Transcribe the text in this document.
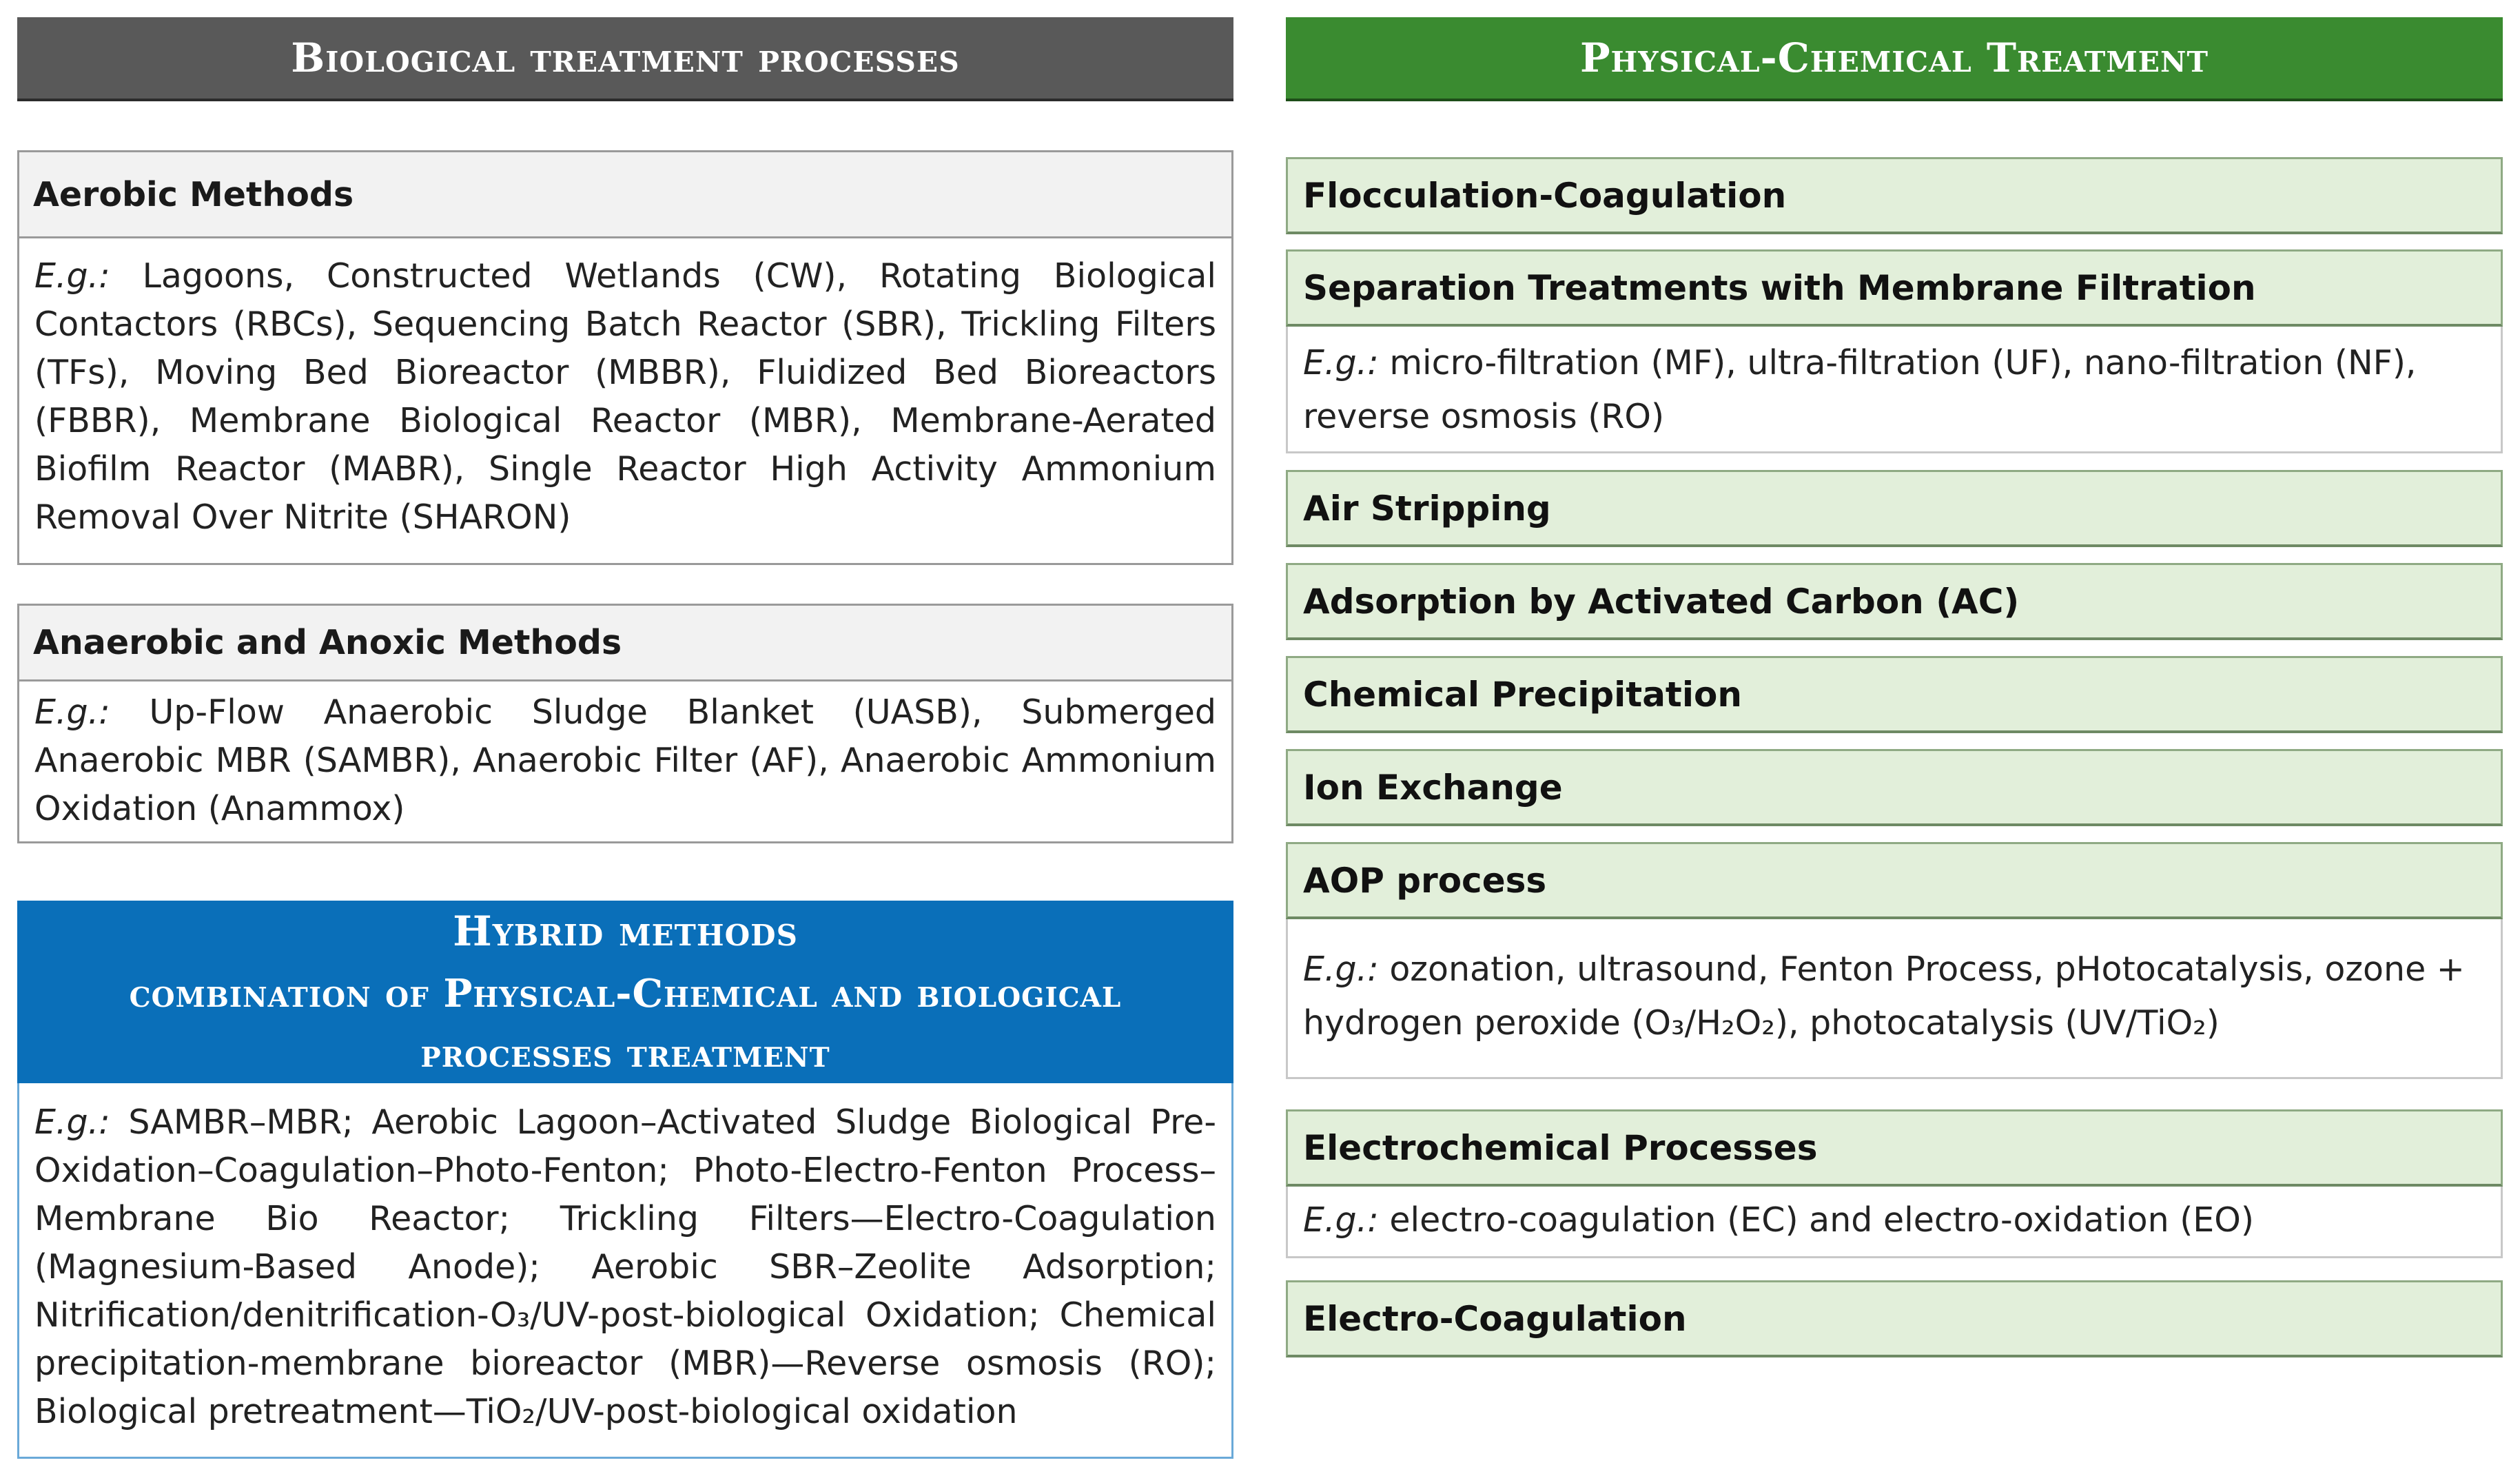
Biological treatment processes
Aerobic Methods
E.g.: Lagoons, Constructed Wetlands (CW), Rotating Biological Contactors (RBCs), Sequencing Batch Reactor (SBR), Trickling Filters (TFs), Moving Bed Bioreactor (MBBR), Fluidized Bed Bioreactors (FBBR), Membrane Biological Reactor (MBR), Membrane-Aerated Biofilm Reactor (MABR), Single Reactor High Activity Ammonium Removal Over Nitrite (SHARON)
Anaerobic and Anoxic Methods
E.g.: Up-Flow Anaerobic Sludge Blanket (UASB), Submerged Anaerobic MBR (SAMBR), Anaerobic Filter (AF), Anaerobic Ammonium Oxidation (Anammox)
Hybrid methods
combination of Physical-Chemical and biological
processes treatment
E.g.: SAMBR–MBR; Aerobic Lagoon–Activated Sludge Biological Pre-Oxidation–Coagulation–Photo-Fenton; Photo-Electro-Fenton Process–Membrane Bio Reactor; Trickling Filters—Electro-Coagulation (Magnesium-Based Anode); Aerobic SBR–Zeolite Adsorption; Nitrification/denitrification-O₃/UV-post-biological Oxidation; Chemical precipitation-membrane bioreactor (MBR)—Reverse osmosis (RO); Biological pretreatment—TiO₂/UV-post-biological oxidation
Physical-Chemical Treatment
Flocculation-Coagulation
Separation Treatments with Membrane Filtration
E.g.: micro-filtration (MF), ultra-filtration (UF), nano-filtration (NF),
reverse osmosis (RO)
Air Stripping
Adsorption by Activated Carbon (AC)
Chemical Precipitation
Ion Exchange
AOP process
E.g.: ozonation, ultrasound, Fenton Process, pHotocatalysis, ozone +
hydrogen peroxide (O₃/H₂O₂), photocatalysis (UV/TiO₂)
Electrochemical Processes
E.g.: electro-coagulation (EC) and electro-oxidation (EO)
Electro-Coagulation
